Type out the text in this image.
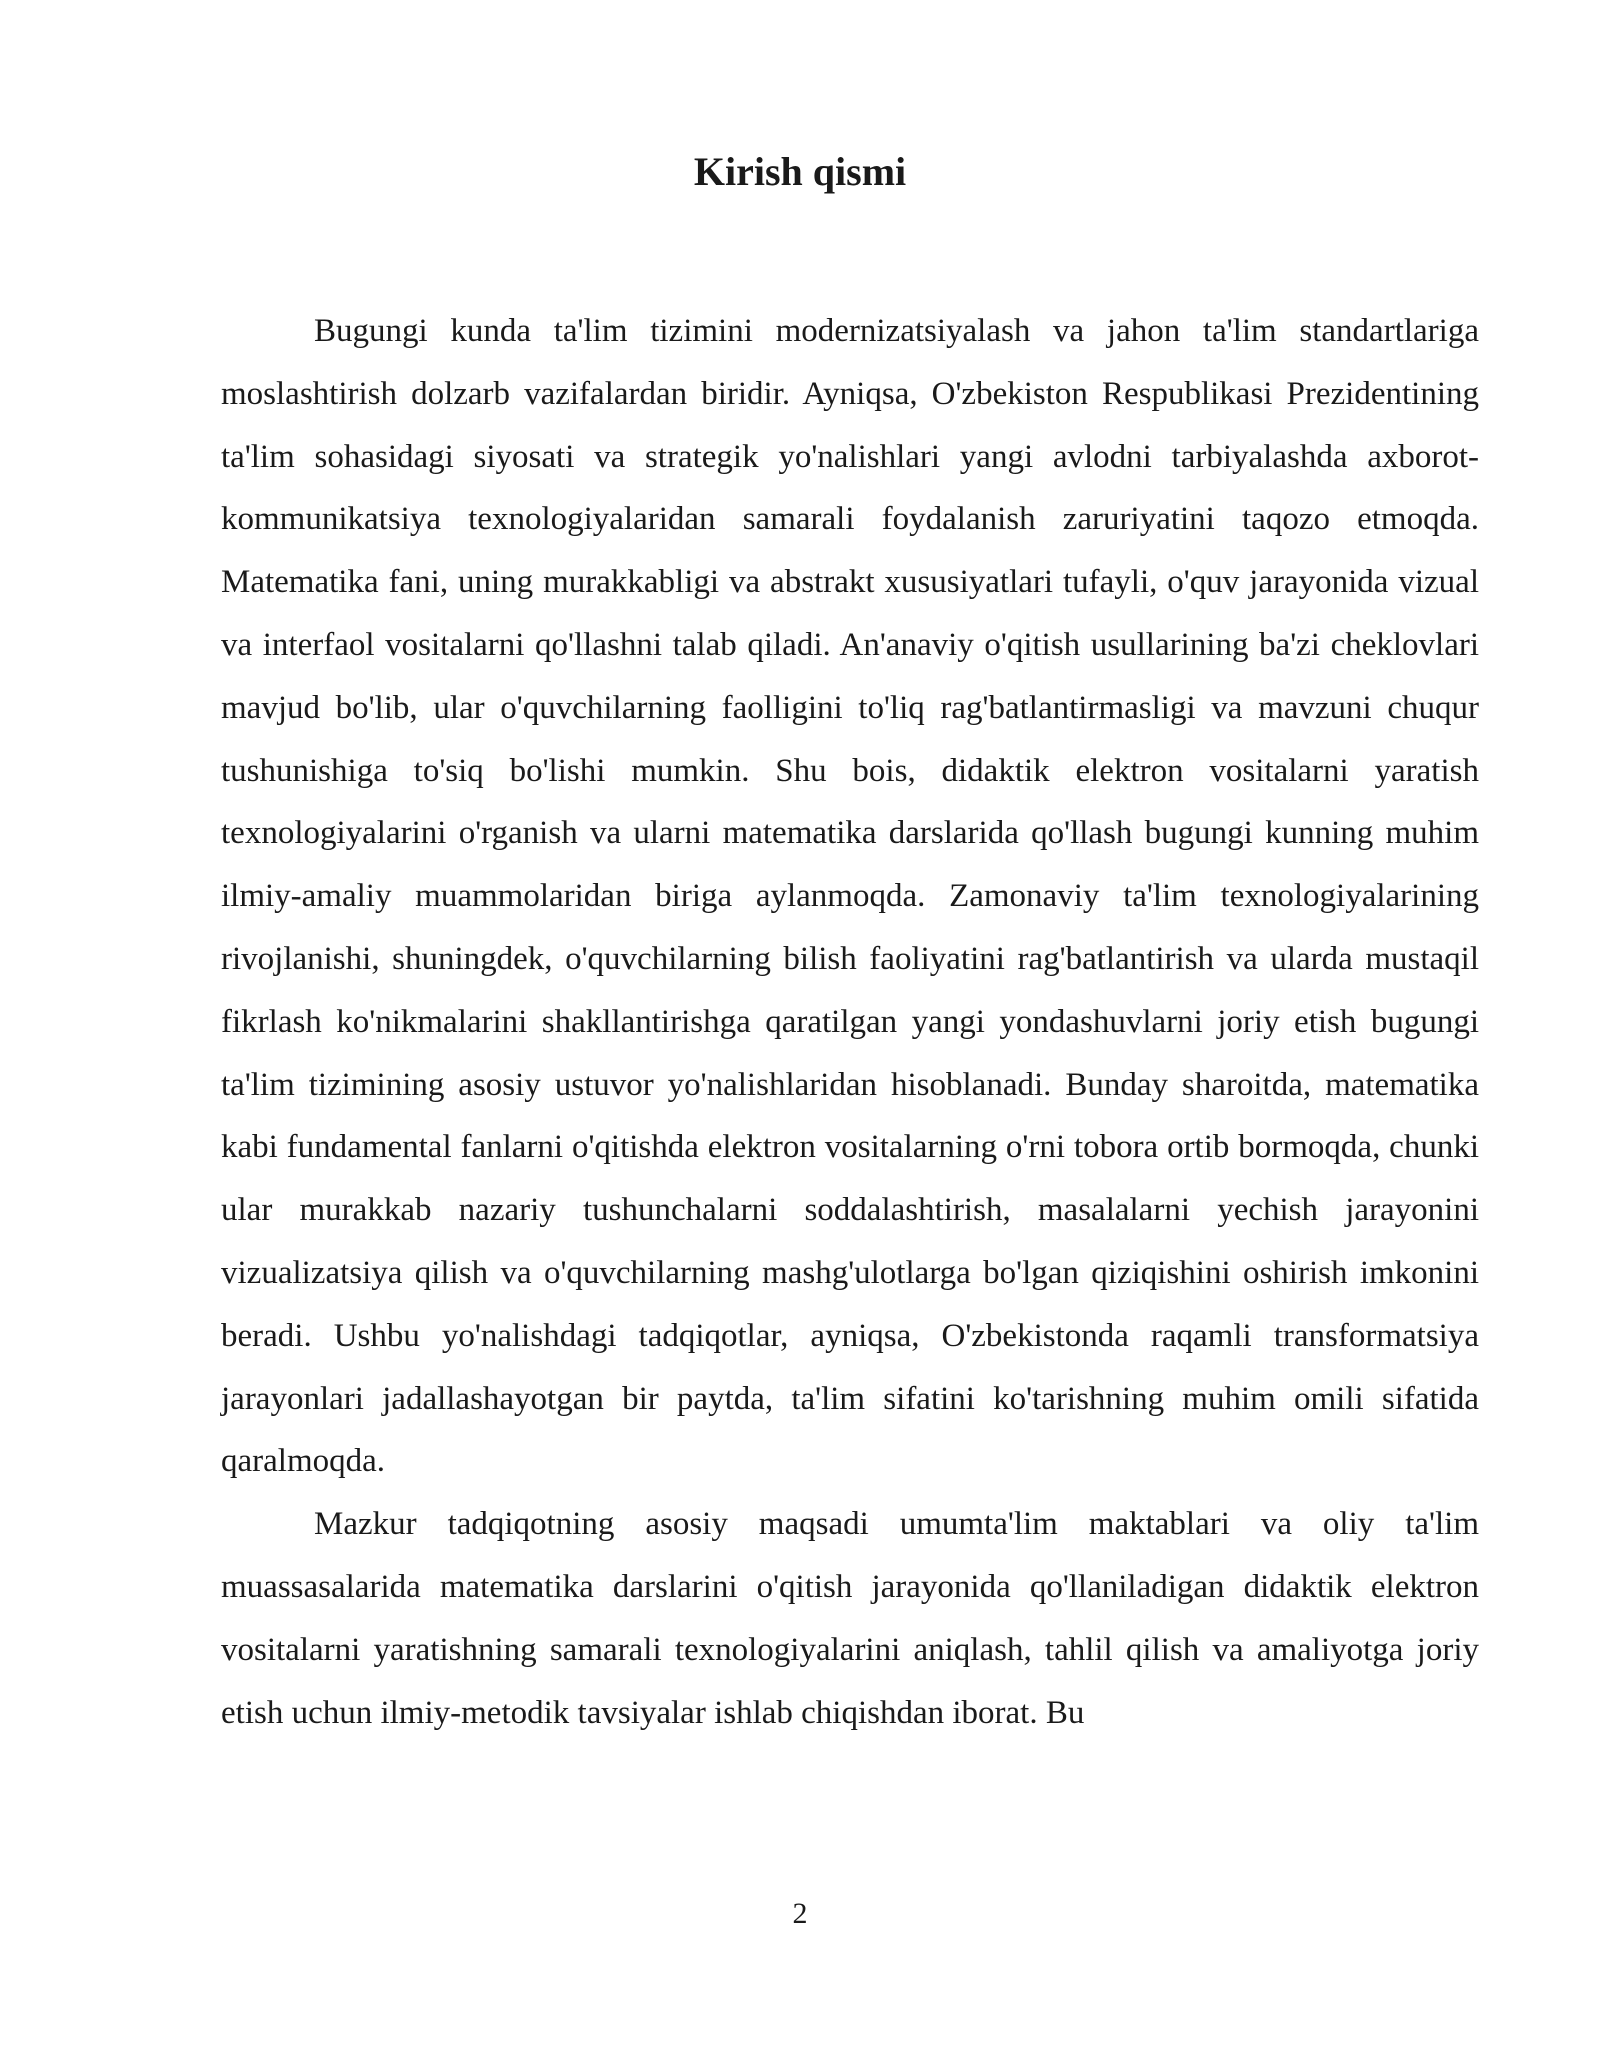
Kirish qismi

Bugungi kunda ta'lim tizimini modernizatsiyalash va jahon ta'lim standartlariga moslashtirish dolzarb vazifalardan biridir. Ayniqsa, O'zbekiston Respublikasi Prezidentining ta'lim sohasidagi siyosati va strategik yo'nalishlari yangi avlodni tarbiyalashda axborot-kommunikatsiya texnologiyalaridan samarali foydalanish zaruriyatini taqozo etmoqda. Matematika fani, uning murakkabligi va abstrakt xususiyatlari tufayli, o'quv jarayonida vizual va interfaol vositalarni qo'llashni talab qiladi. An'anaviy o'qitish usullarining ba'zi cheklovlari mavjud bo'lib, ular o'quvchilarning faolligini to'liq rag'batlantirmasligi va mavzuni chuqur tushunishiga to'siq bo'lishi mumkin. Shu bois, didaktik elektron vositalarni yaratish texnologiyalarini o'rganish va ularni matematika darslarida qo'llash bugungi kunning muhim ilmiy-amaliy muammolaridan biriga aylanmoqda. Zamonaviy ta'lim texnologiyalarining rivojlanishi, shuningdek, o'quvchilarning bilish faoliyatini rag'batlantirish va ularda mustaqil fikrlash ko'nikmalarini shakllantirishga qaratilgan yangi yondashuvlarni joriy etish bugungi ta'lim tizimining asosiy ustuvor yo'nalishlaridan hisoblanadi. Bunday sharoitda, matematika kabi fundamental fanlarni o'qitishda elektron vositalarning o'rni tobora ortib bormoqda, chunki ular murakkab nazariy tushunchalarni soddalashtirish, masalalarni yechish jarayonini vizualizatsiya qilish va o'quvchilarning mashg'ulotlarga bo'lgan qiziqishini oshirish imkonini beradi. Ushbu yo'nalishdagi tadqiqotlar, ayniqsa, O'zbekistonda raqamli transformatsiya jarayonlari jadallashayotgan bir paytda, ta'lim sifatini ko'tarishning muhim omili sifatida qaralmoqda.

Mazkur tadqiqotning asosiy maqsadi umumta'lim maktablari va oliy ta'lim muassasalarida matematika darslarini o'qitish jarayonida qo'llaniladigan didaktik elektron vositalarni yaratishning samarali texnologiyalarini aniqlash, tahlil qilish va amaliyotga joriy etish uchun ilmiy-metodik tavsiyalar ishlab chiqishdan iborat. Bu

2
